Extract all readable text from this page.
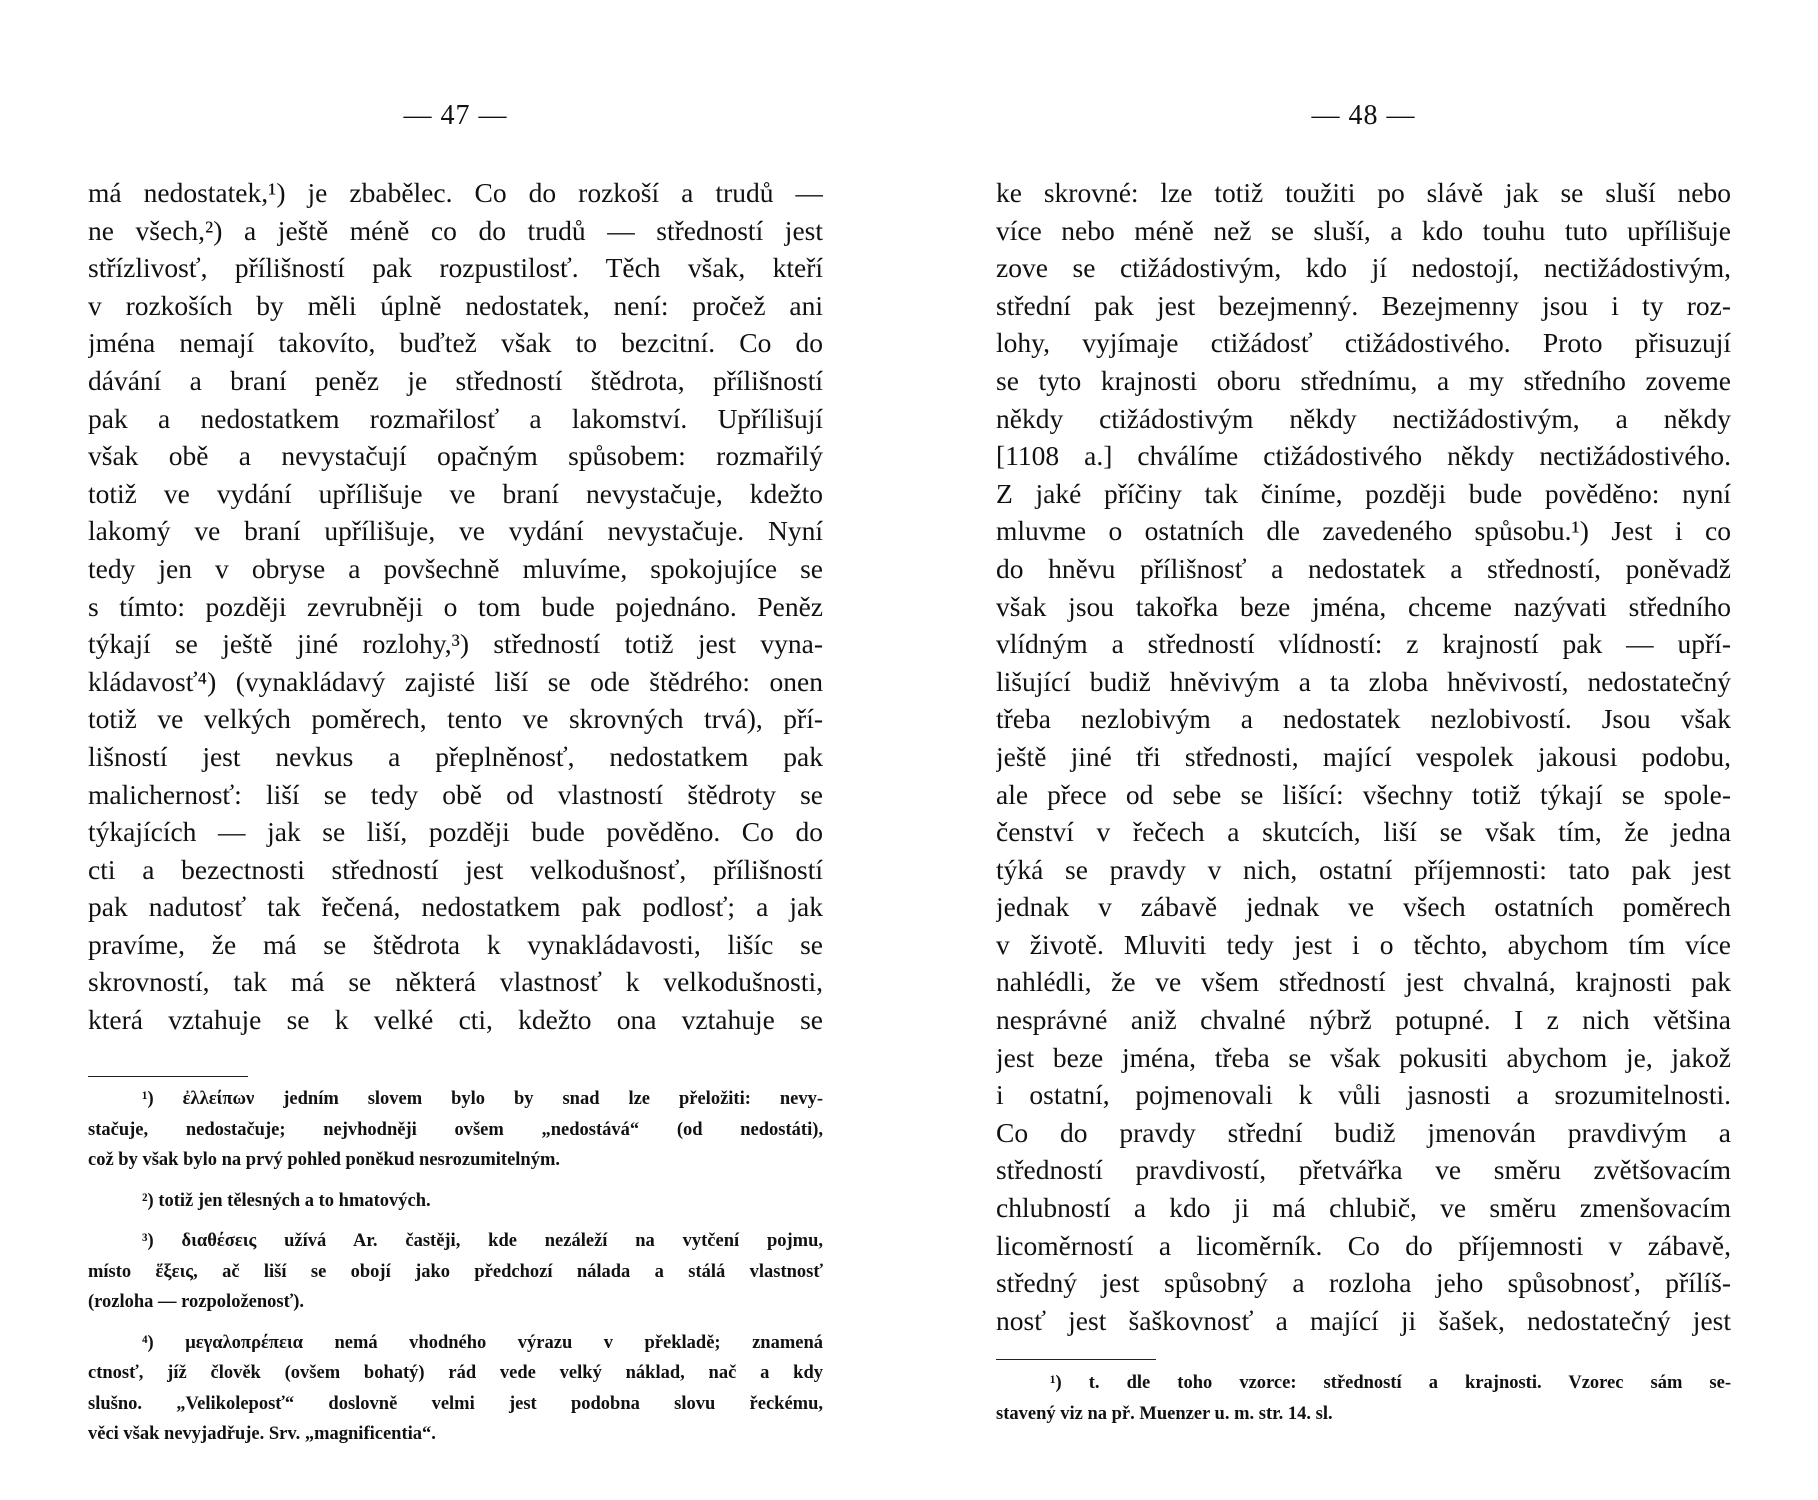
— 47 —
má nedostatek,¹) je zbabělec. Co do rozkoší a trudů —
ne všech,²) a ještě méně co do trudů — středností jest
střízlivosť, přílišností pak rozpustilosť. Těch však, kteří
v rozkoších by měli úplně nedostatek, není: pročež ani
jména nemají takovíto, buďtež však to bezcitní. Co do
dávání a braní peněz je středností štědrota, přílišností
pak a nedostatkem rozmařilosť a lakomství. Upřílišují
však obě a nevystačují opačným spůsobem: rozmařilý
totiž ve vydání upřílišuje ve braní nevystačuje, kdežto
lakomý ve braní upřílišuje, ve vydání nevystačuje. Nyní
tedy jen v obryse a povšechně mluvíme, spokojujíce se
s tímto: později zevrubněji o tom bude pojednáno. Peněz
týkají se ještě jiné rozlohy,³) středností totiž jest vyna-
kládavosť⁴) (vynakládavý zajisté liší se ode štědrého: onen
totiž ve velkých poměrech, tento ve skrovných trvá), pří-
lišností jest nevkus a přeplněnosť, nedostatkem pak
malichernosť: liší se tedy obě od vlastností štědroty se
týkajících — jak se liší, později bude pověděno. Co do
cti a bezectnosti středností jest velkodušnosť, přílišností
pak nadutosť tak řečená, nedostatkem pak podlosť; a jak
pravíme, že má se štědrota k vynakládavosti, lišíc se
skrovností, tak má se některá vlastnosť k velkodušnosti,
která vztahuje se k velké cti, kdežto ona vztahuje se
¹) ἐλλείπων jedním slovem bylo by snad lze přeložiti: nevy-
stačuje, nedostačuje; nejvhodněji ovšem „nedostává“ (od nedostáti),
což by však bylo na prvý pohled poněkud nesrozumitelným.
²) totiž jen tělesných a to hmatových.
³) διαθέσεις užívá Ar. častěji, kde nezáleží na vytčení pojmu,
místo ἕξεις, ač liší se obojí jako předchozí nálada a stálá vlastnosť
(rozloha — rozpoloženosť).
⁴) μεγαλοπρέπεια nemá vhodného výrazu v překladě; znamená
ctnosť, jíž člověk (ovšem bohatý) rád vede velký náklad, nač a kdy
slušno. „Velikoleposť“ doslovně velmi jest podobna slovu řeckému,
věci však nevyjadřuje. Srv. „magnificentia“.
— 48 —
ke skrovné: lze totiž toužiti po slávě jak se sluší nebo
více nebo méně než se sluší, a kdo touhu tuto upřílišuje
zove se ctižádostivým, kdo jí nedostojí, nectižádostivým,
střední pak jest bezejmenný. Bezejmenny jsou i ty roz-
lohy, vyjímaje ctižádosť ctižádostivého. Proto přisuzují
se tyto krajnosti oboru střednímu, a my středního zoveme
někdy ctižádostivým někdy nectižádostivým, a někdy
[1108 a.] chválíme ctižádostivého někdy nectižádostivého.
Z jaké příčiny tak činíme, později bude pověděno: nyní
mluvme o ostatních dle zavedeného spůsobu.¹) Jest i co
do hněvu přílišnosť a nedostatek a středností, poněvadž
však jsou takořka beze jména, chceme nazývati středního
vlídným a středností vlídností: z krajností pak — upří-
lišující budiž hněvivým a ta zloba hněvivostí, nedostatečný
třeba nezlobivým a nedostatek nezlobivostí. Jsou však
ještě jiné tři střednosti, mající vespolek jakousi podobu,
ale přece od sebe se lišící: všechny totiž týkají se spole-
čenství v řečech a skutcích, liší se však tím, že jedna
týká se pravdy v nich, ostatní příjemnosti: tato pak jest
jednak v zábavě jednak ve všech ostatních poměrech
v životě. Mluviti tedy jest i o těchto, abychom tím více
nahlédli, že ve všem středností jest chvalná, krajnosti pak
nesprávné aniž chvalné nýbrž potupné. I z nich většina
jest beze jména, třeba se však pokusiti abychom je, jakož
i ostatní, pojmenovali k vůli jasnosti a srozumitelnosti.
Co do pravdy střední budiž jmenován pravdivým a
středností pravdivostí, přetvářka ve směru zvětšovacím
chlubností a kdo ji má chlubič, ve směru zmenšovacím
licoměrností a licoměrník. Co do příjemnosti v zábavě,
středný jest spůsobný a rozloha jeho spůsobnosť, přílíš-
nosť jest šaškovnosť a mající ji šašek, nedostatečný jest
¹) t. dle toho vzorce: středností a krajnosti. Vzorec sám se-
stavený viz na př. Muenzer u. m. str. 14. sl.
